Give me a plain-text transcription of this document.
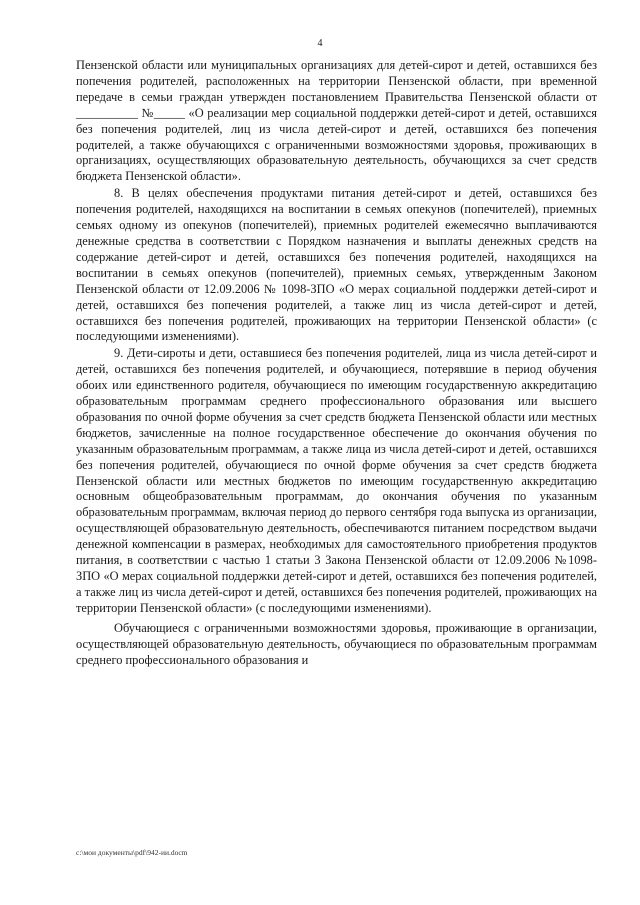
4

Пензенской области или муниципальных организациях для детей-сирот и детей, оставшихся без попечения родителей, расположенных на территории Пензенской области, при временной передаче в семьи граждан утвержден постановлением Правительства Пензенской области от __________ №_____ «О реализации мер социальной поддержки детей-сирот и детей, оставшихся без попечения родителей, лиц из числа детей-сирот и детей, оставшихся без попечения родителей, а также обучающихся с ограниченными возможностями здоровья, проживающих в организациях, осуществляющих образовательную деятельность, обучающихся за счет средств бюджета Пензенской области».

8. В целях обеспечения продуктами питания детей-сирот и детей, оставшихся без попечения родителей, находящихся на воспитании в семьях опекунов (попечителей), приемных семьях одному из опекунов (попечителей), приемных родителей ежемесячно выплачиваются денежные средства в соответствии с Порядком назначения и выплаты денежных средств на содержание детей-сирот и детей, оставшихся без попечения родителей, находящихся на воспитании в семьях опекунов (попечителей), приемных семьях, утвержденным Законом Пензенской области от 12.09.2006 № 1098-ЗПО «О мерах социальной поддержки детей-сирот и детей, оставшихся без попечения родителей, а также лиц из числа детей-сирот и детей, оставшихся без попечения родителей, проживающих на территории Пензенской области» (с последующими изменениями).

9. Дети-сироты и дети, оставшиеся без попечения родителей, лица из числа детей-сирот и детей, оставшихся без попечения родителей, и обучающиеся, потерявшие в период обучения обоих или единственного родителя, обучающиеся по имеющим государственную аккредитацию образовательным программам среднего профессионального образования или высшего образования по очной форме обучения за счет средств бюджета Пензенской области или местных бюджетов, зачисленные на полное государственное обеспечение до окончания обучения по указанным образовательным программам, а также лица из числа детей-сирот и детей, оставшихся без попечения родителей, обучающиеся по очной форме обучения за счет средств бюджета Пензенской области или местных бюджетов по имеющим государственную аккредитацию основным общеобразовательным программам, до окончания обучения по указанным образовательным программам, включая период до первого сентября года выпуска из организации, осуществляющей образовательную деятельность, обеспечиваются питанием посредством выдачи денежной компенсации в размерах, необходимых для самостоятельного приобретения продуктов питания, в соответствии с частью 1 статьи 3 Закона Пензенской области от 12.09.2006 №1098-ЗПО «О мерах социальной поддержки детей-сирот и детей, оставшихся без попечения родителей, а также лиц из числа детей-сирот и детей, оставшихся без попечения родителей, проживающих на территории Пензенской области» (с последующими изменениями).

Обучающиеся с ограниченными возможностями здоровья, проживающие в организации, осуществляющей образовательную деятельность, обучающиеся по образовательным программам среднего профессионального образования и

c:\мои документы\pdf\942-ии.docm
